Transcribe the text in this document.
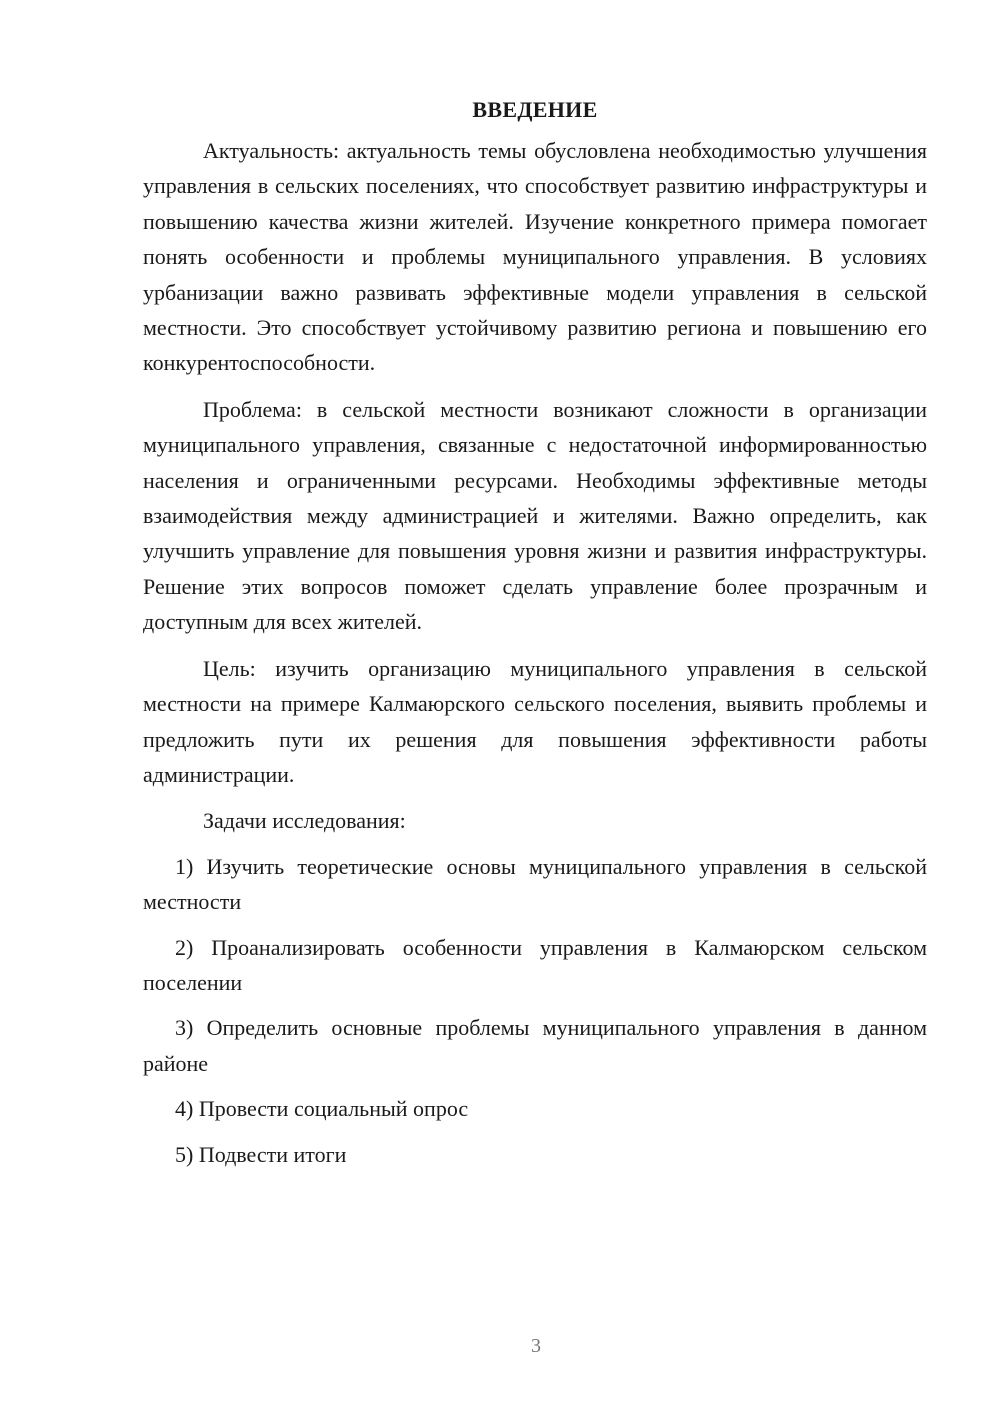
ВВЕДЕНИЕ

Актуальность: актуальность темы обусловлена необходимостью улучшения управления в сельских поселениях, что способствует развитию инфраструктуры и повышению качества жизни жителей. Изучение конкретного примера помогает понять особенности и проблемы муниципального управления. В условиях урбанизации важно развивать эффективные модели управления в сельской местности. Это способствует устойчивому развитию региона и повышению его конкурентоспособности.

Проблема: в сельской местности возникают сложности в организации муниципального управления, связанные с недостаточной информированностью населения и ограниченными ресурсами. Необходимы эффективные методы взаимодействия между администрацией и жителями. Важно определить, как улучшить управление для повышения уровня жизни и развития инфраструктуры. Решение этих вопросов поможет сделать управление более прозрачным и доступным для всех жителей.

Цель: изучить организацию муниципального управления в сельской местности на примере Калмаюрского сельского поселения, выявить проблемы и предложить пути их решения для повышения эффективности работы администрации.

Задачи исследования:

1) Изучить теоретические основы муниципального управления в сельской местности

2) Проанализировать особенности управления в Калмаюрском сельском поселении

3) Определить основные проблемы муниципального управления в данном районе

4) Провести социальный опрос

5) Подвести итоги

3
